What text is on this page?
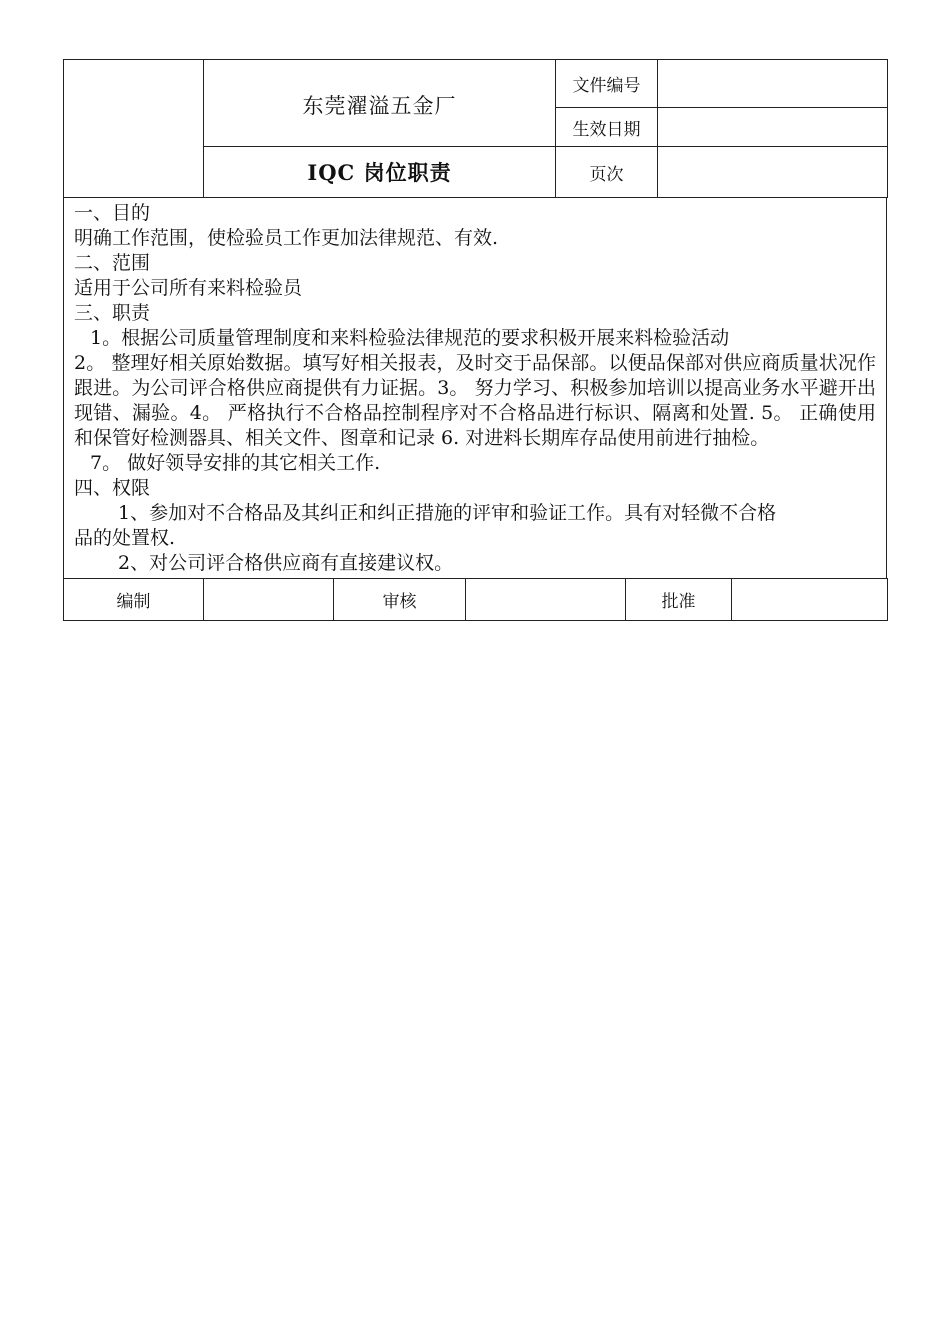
	东莞濯溢五金厂	文件编号	
		生效日期	
	IQC 岗位职责	页次	
一、目的
明确工作范围，使检验员工作更加法律规范、有效.
二、范围
适用于公司所有来料检验员
三、职责
1。根据公司质量管理制度和来料检验法律规范的要求积极开展来料检验活动
2。 整理好相关原始数据。填写好相关报表，及时交于品保部。以便品保部对供应商质量状况作跟进。为公司评合格供应商提供有力证据。3。 努力学习、积极参加培训以提高业务水平避开出现错、漏验。4。 严格执行不合格品控制程序对不合格品进行标识、隔离和处置. 5。 正确使用和保管好检测器具、相关文件、图章和记录 6. 对进料长期库存品使用前进行抽检。
7。 做好领导安排的其它相关工作.
四、权限
1、参加对不合格品及其纠正和纠正措施的评审和验证工作。具有对轻微不合格
品的处置权.
2、对公司评合格供应商有直接建议权。
编制		审核		批准	
